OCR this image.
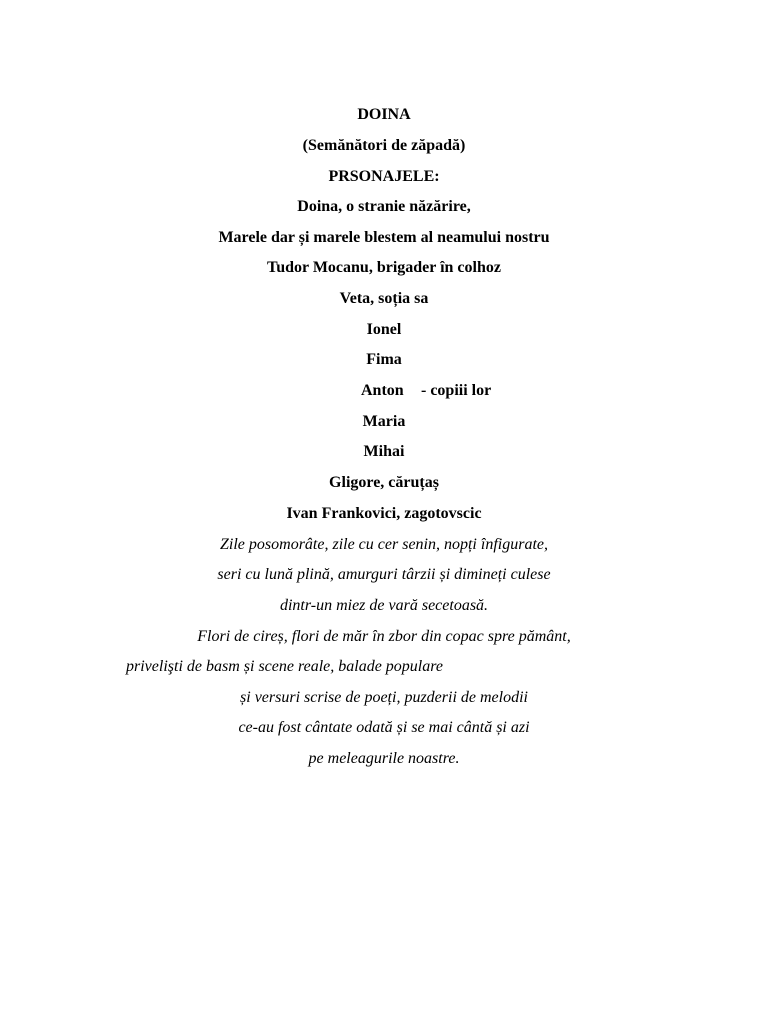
DOINA
(Semănători de zăpadă)
PRSONAJELE:
Doina, o stranie năzărire,
Marele dar și marele blestem al neamului nostru
Tudor Mocanu, brigader în colhoz
Veta, soția sa
Ionel
Fima
Anton - copiii lor
Maria
Mihai
Gligore, căruțaș
Ivan Frankovici, zagotovscic
Zile posomorâte, zile cu cer senin, nopți înfigurate,
seri cu lună plină, amurguri târzii și dimineți culese
dintr-un miez de vară secetoasă.
Flori de cireș, flori de măr în zbor din copac spre pământ,
privelişti de basm și scene reale, balade populare
și versuri scrise de poeți, puzderii de melodii
ce-au fost cântate odată și se mai cântă și azi
pe meleagurile noastre.
